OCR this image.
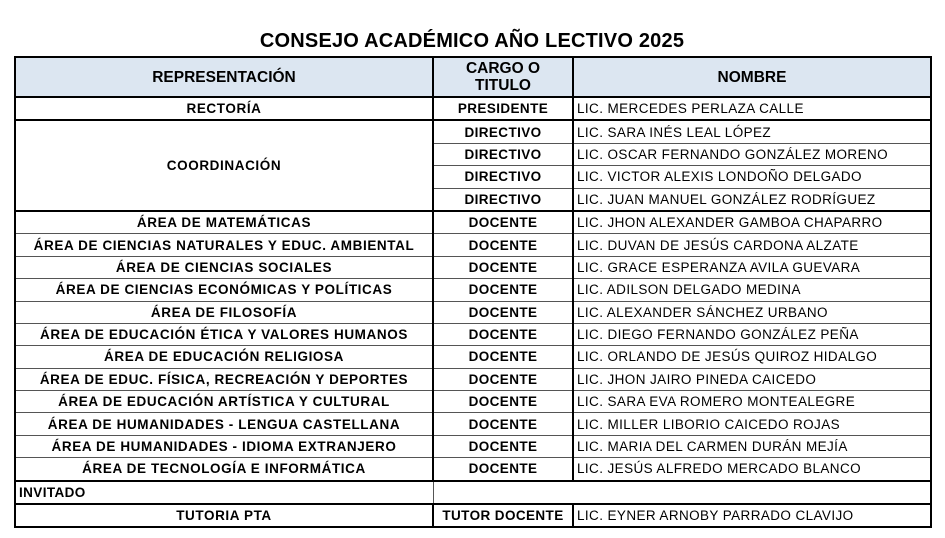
CONSEJO ACADÉMICO AÑO LECTIVO 2025
REPRESENTACIÓN	CARGO O TITULO	NOMBRE
RECTORÍA	PRESIDENTE	LIC. MERCEDES PERLAZA CALLE
COORDINACIÓN	DIRECTIVO	LIC. SARA INÉS LEAL LÓPEZ
	DIRECTIVO	LIC. OSCAR FERNANDO GONZÁLEZ MORENO
	DIRECTIVO	LIC. VICTOR ALEXIS LONDOÑO DELGADO
	DIRECTIVO	LIC. JUAN MANUEL GONZÁLEZ RODRÍGUEZ
ÁREA DE MATEMÁTICAS	DOCENTE	LIC. JHON ALEXANDER GAMBOA CHAPARRO
ÁREA DE CIENCIAS NATURALES Y EDUC. AMBIENTAL	DOCENTE	LIC. DUVAN DE JESÚS CARDONA ALZATE
ÁREA DE CIENCIAS SOCIALES	DOCENTE	LIC. GRACE ESPERANZA AVILA GUEVARA
ÁREA DE CIENCIAS ECONÓMICAS Y POLÍTICAS	DOCENTE	LIC. ADILSON DELGADO MEDINA
ÁREA DE FILOSOFÍA	DOCENTE	LIC. ALEXANDER SÁNCHEZ URBANO
ÁREA DE EDUCACIÓN ÉTICA Y VALORES HUMANOS	DOCENTE	LIC. DIEGO FERNANDO GONZÁLEZ PEÑA
ÁREA DE EDUCACIÓN RELIGIOSA	DOCENTE	LIC. ORLANDO DE JESÚS QUIROZ HIDALGO
ÁREA DE EDUC. FÍSICA, RECREACIÓN Y DEPORTES	DOCENTE	LIC. JHON JAIRO PINEDA CAICEDO
ÁREA DE EDUCACIÓN ARTÍSTICA Y CULTURAL	DOCENTE	LIC. SARA EVA ROMERO MONTEALEGRE
ÁREA DE HUMANIDADES - LENGUA CASTELLANA	DOCENTE	LIC. MILLER LIBORIO CAICEDO ROJAS
ÁREA DE HUMANIDADES - IDIOMA EXTRANJERO	DOCENTE	LIC. MARIA DEL CARMEN DURÁN MEJÍA
ÁREA DE TECNOLOGÍA E INFORMÁTICA	DOCENTE	LIC. JESÚS ALFREDO MERCADO BLANCO
INVITADO		
TUTORIA PTA	TUTOR DOCENTE	LIC. EYNER ARNOBY PARRADO CLAVIJO
